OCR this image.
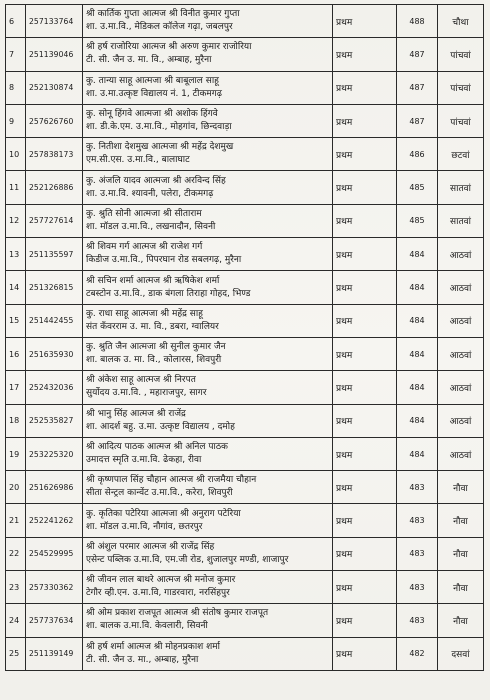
6	257133764	श्री कार्तिक गुप्ता आत्मज श्री विनीत कुमार गुप्ता
शा. उ.मा.वि., मेडिकल कॉलेज गढ़ा, जबलपुर	प्रथम	488	चौथा
7	251139046	श्री हर्ष राजोरिया आत्मज श्री अरुण कुमार राजोरिया
टी. सी. जैन उ. मा. वि., अम्बाह, मुरैना	प्रथम	487	पांचवां
8	252130874	कु. तान्या साहू आत्मजा श्री बाबूलाल साहू
शा. उ.मा.उत्कृष्ट विद्यालय नं. 1, टीकमगढ़	प्रथम	487	पांचवां
9	257626760	कु. सोनू हिंगवे आत्मजा श्री अशोक हिंगवे
शा. डी.के.एम. उ.मा.वि., मोहगांव, छिन्दवाड़ा	प्रथम	487	पांचवां
10	257838173	कु. नितीशा देशमुख आत्मजा श्री महेंद्र देशमुख
एम.सी.एस. उ.मा.वि., बालाघाट	प्रथम	486	छटवां
11	252126886	कु. अंजलि यादव आत्मजा श्री अरविन्द सिंह
शा. उ.मा.वि. श्यावनी, पलेरा, टीकमगढ़	प्रथम	485	सातवां
12	257727614	कु. श्रुति सोनी आत्मजा श्री सीताराम
शा. मॉडल उ.मा.वि., लखनादौन, सिवनी	प्रथम	485	सातवां
13	251135597	श्री शिवम गर्ग आत्मज श्री राजेश गर्ग
किडीज उ.मा.वि., पिपरघान रोड सबलगढ़, मुरैना	प्रथम	484	आठवां
14	251326815	श्री सचिन शर्मा आत्मज श्री ऋषिकेश शर्मा
टबस्टोन उ.मा.वि., डाक बंगला तिराहा गोहद, भिण्ड	प्रथम	484	आठवां
15	251442455	कु. राधा साहू आत्मजा श्री महेंद्र साहू
संत कँवरराम उ. मा. वि., डबरा, ग्वालियर	प्रथम	484	आठवां
16	251635930	कु. श्रुति जैन आत्मजा श्री सुनील कुमार जैन
शा. बालक उ. मा. वि., कोलारस, शिवपुरी	प्रथम	484	आठवां
17	252432036	श्री अंकेश साहू आत्मज श्री निरपत
सुर्योदय उ.मा.वि. , महाराजपुर, सागर	प्रथम	484	आठवां
18	252535827	श्री भानु सिंह आत्मज श्री राजेंद्र
शा. आदर्श बहु. उ.मा. उत्कृष्ट विद्यालय , दमोह	प्रथम	484	आठवां
19	253225320	श्री आदित्य पाठक आत्मज श्री अनिल पाठक
उमादत्त स्मृति उ.मा.वि. ढेकहा, रीवा	प्रथम	484	आठवां
20	251626986	श्री कृष्णपाल सिंह चौहान आत्मज श्री राजमैया चौहान
सीता सेन्ट्रल कान्वेंट उ.मा.वि., करेरा, शिवपुरी	प्रथम	483	नौवा
21	252241262	कु. कृतिका पटेरिया आत्मजा श्री अनुराग पटेरिया
शा. मॉडल उ.मा.वि, नौगांव, छतरपुर	प्रथम	483	नौवा
22	254529995	श्री अंशुल परमार आत्मज श्री राजेंद्र सिंह
एसेन्ट पब्लिक उ.मा.वि, एम.जी रोड, शुजालपुर मण्डी, शाजापुर	प्रथम	483	नौवा
23	257330362	श्री जीवन लाल बाथरे आत्मज श्री मनोज कुमार
टेगौर व्ही.एन. उ.मा.वि, गाडरवारा, नरसिंहपुर	प्रथम	483	नौवा
24	257737634	श्री ओम प्रकाश राजपूत आत्मज श्री संतोष कुमार राजपूत
शा. बालक उ.मा.वि. केवलारी, सिवनी	प्रथम	483	नौवा
25	251139149	श्री हर्ष शर्मा आत्मज श्री मोहनप्रकाश शर्मा
टी. सी. जैन उ. मा., अम्बाह, मुरैना	प्रथम	482	दसवां
